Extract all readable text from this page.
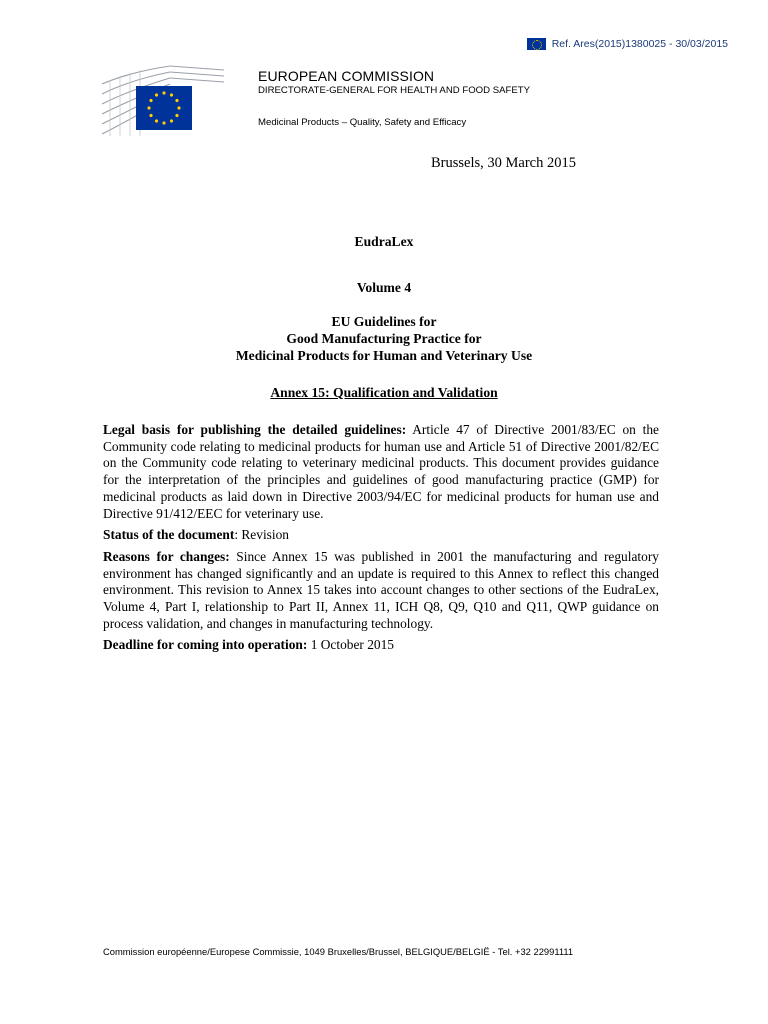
Ref. Ares(2015)1380025 - 30/03/2015
EUROPEAN COMMISSION
DIRECTORATE-GENERAL FOR HEALTH AND FOOD SAFETY
Medicinal Products – Quality, Safety and Efficacy
Brussels, 30 March 2015
EudraLex
Volume 4
EU Guidelines for
Good Manufacturing Practice for
Medicinal Products for Human and Veterinary Use
Annex 15: Qualification and Validation

Legal basis for publishing the detailed guidelines: Article 47 of Directive 2001/83/EC on the Community code relating to medicinal products for human use and Article 51 of Directive 2001/82/EC on the Community code relating to veterinary medicinal products. This document provides guidance for the interpretation of the principles and guidelines of good manufacturing practice (GMP) for medicinal products as laid down in Directive 2003/94/EC for medicinal products for human use and Directive 91/412/EEC for veterinary use.

Status of the document: Revision

Reasons for changes: Since Annex 15 was published in 2001 the manufacturing and regulatory environment has changed significantly and an update is required to this Annex to reflect this changed environment. This revision to Annex 15 takes into account changes to other sections of the EudraLex, Volume 4, Part I, relationship to Part II, Annex 11, ICH Q8, Q9, Q10 and Q11, QWP guidance on process validation, and changes in manufacturing technology.

Deadline for coming into operation: 1 October 2015

Commission européenne/Europese Commissie, 1049 Bruxelles/Brussel, BELGIQUE/BELGIË - Tel. +32 22991111
